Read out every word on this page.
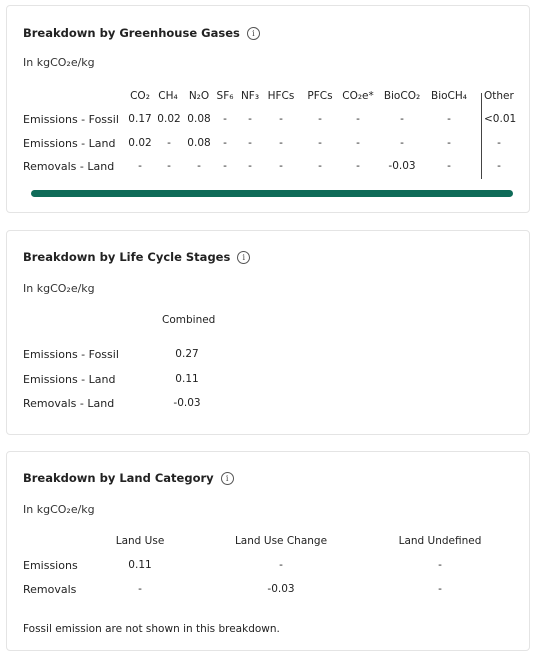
Breakdown by Greenhouse Gases	i
In kgCO₂e/kg
CO₂ CH₄ N₂O SF₆ NF₃ HFCs	PFCs CO₂e* BioCO₂ BioCH₄ Other
Emissions - Fossil 0.17 0.02 0.08	-	-	-	-	-	-	-	<0.01
Emissions - Land	0.02	-	0.08	-	-	-	-	-	-	-	-
Removals - Land	-	-	-	-	-	-	-	-	-0.03	-	-
Breakdown by Life Cycle Stages	i
In kgCO₂e/kg
Combined
Emissions - Fossil	0.27
Emissions - Land	0.11
Removals - Land	-0.03
Breakdown by Land Category	i
In kgCO₂e/kg
Land Use	Land Use Change	Land Undefined
Emissions	0.11	-	-
Removals	-	-0.03	-
Fossil emission are not shown in this breakdown.
